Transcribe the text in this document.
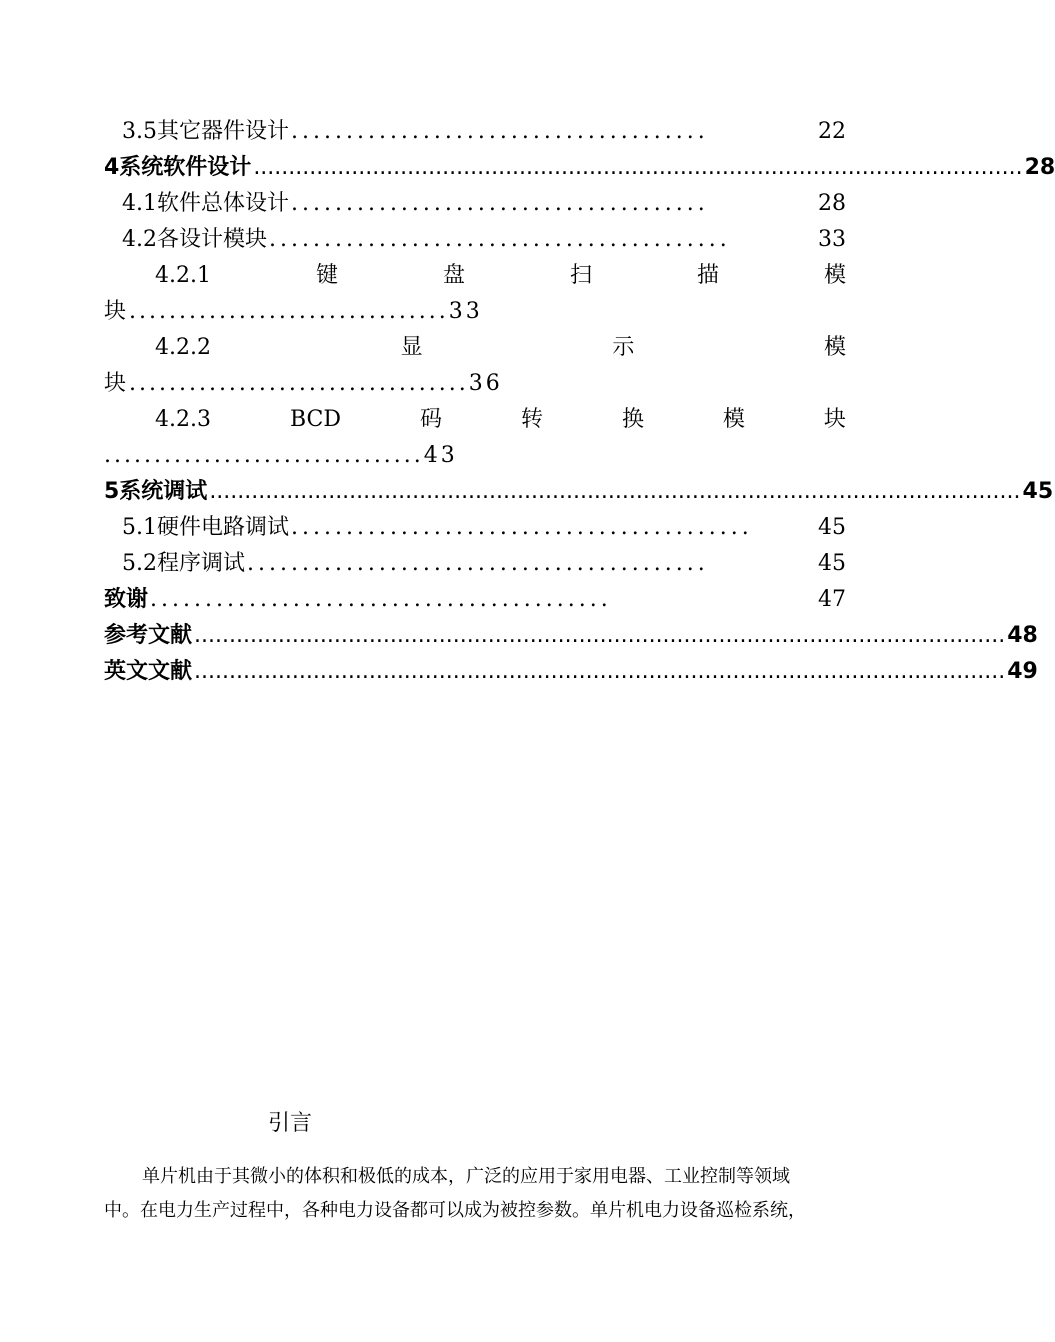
3.5其它器件设计 ......................................	22
4系统软件设计 .............................................................................................................. 28
4.1软件总体设计 ......................................	28
4.2各设计模块 ..........................................	33
4.2.1	键	盘	扫	描	模
块................................33
4.2.2	显	示	模
块..................................36
4.2.3	BCD	码	转	换	模	块
................................43
5系统调试 .................................................................................................................... 45
5.1硬件电路调试 ..........................................	45
5.2程序调试 ..........................................	45
致谢 ..........................................	47
参考文献 .................................................................................................................... 48
英文文献 .................................................................................................................... 49
引言
单片机由于其微小的体积和极低的成本，广泛的应用于家用电器、工业控制等领域
中。在电力生产过程中，各种电力设备都可以成为被控参数。单片机电力设备巡检系统，
